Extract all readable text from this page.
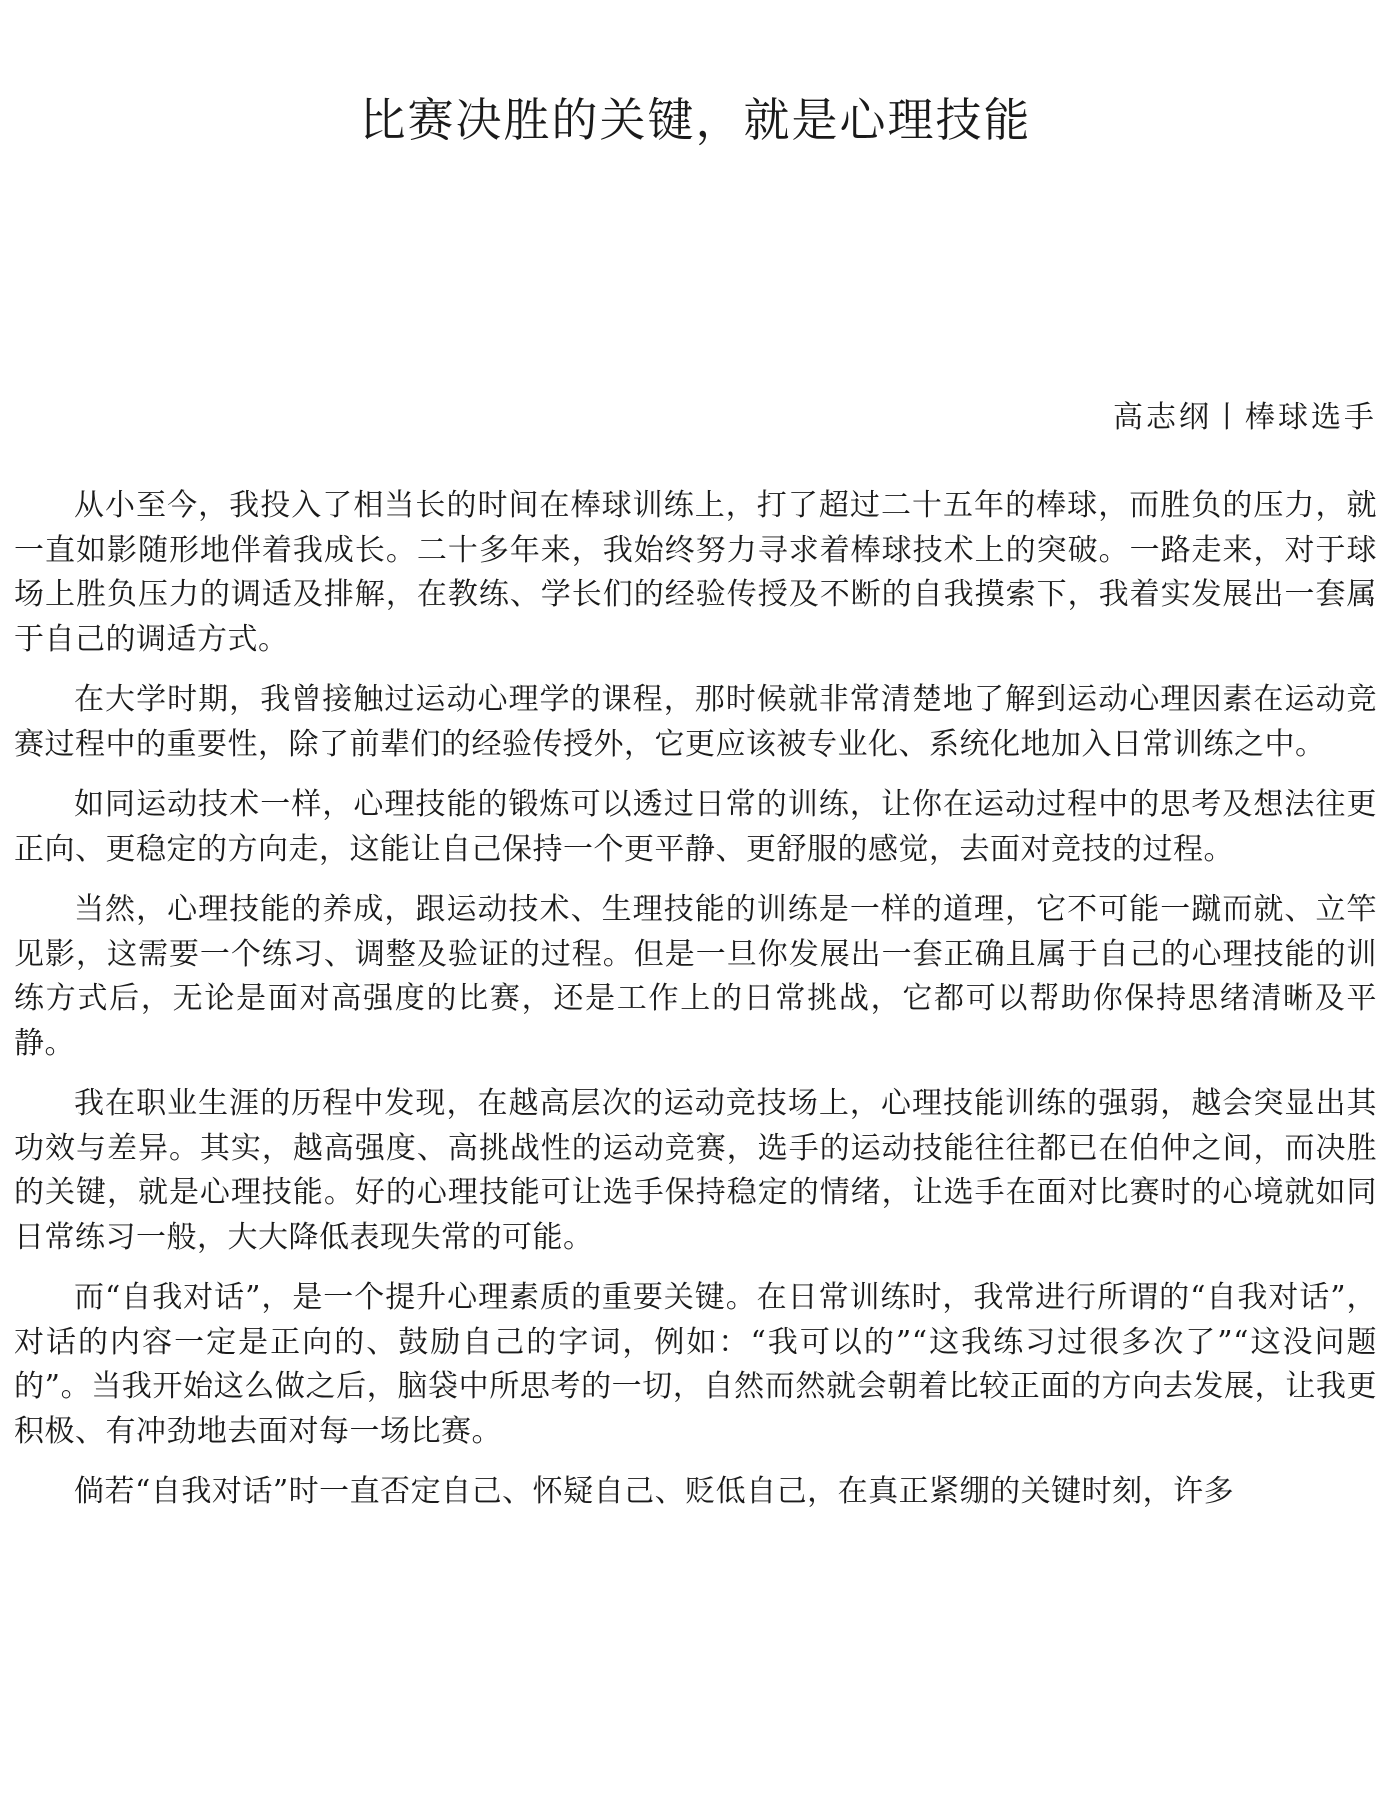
比赛决胜的关键，就是心理技能
高志纲丨棒球选手

从小至今，我投入了相当长的时间在棒球训练上，打了超过二十五年的棒球，而胜负的压力，就一直如影随形地伴着我成长。二十多年来，我始终努力寻求着棒球技术上的突破。一路走来，对于球场上胜负压力的调适及排解，在教练、学长们的经验传授及不断的自我摸索下，我着实发展出一套属于自己的调适方式。

在大学时期，我曾接触过运动心理学的课程，那时候就非常清楚地了解到运动心理因素在运动竞赛过程中的重要性，除了前辈们的经验传授外，它更应该被专业化、系统化地加入日常训练之中。

如同运动技术一样，心理技能的锻炼可以透过日常的训练，让你在运动过程中的思考及想法往更正向、更稳定的方向走，这能让自己保持一个更平静、更舒服的感觉，去面对竞技的过程。

当然，心理技能的养成，跟运动技术、生理技能的训练是一样的道理，它不可能一蹴而就、立竿见影，这需要一个练习、调整及验证的过程。但是一旦你发展出一套正确且属于自己的心理技能的训练方式后，无论是面对高强度的比赛，还是工作上的日常挑战，它都可以帮助你保持思绪清晰及平静。

我在职业生涯的历程中发现，在越高层次的运动竞技场上，心理技能训练的强弱，越会突显出其功效与差异。其实，越高强度、高挑战性的运动竞赛，选手的运动技能往往都已在伯仲之间，而决胜的关键，就是心理技能。好的心理技能可让选手保持稳定的情绪，让选手在面对比赛时的心境就如同日常练习一般，大大降低表现失常的可能。

而“自我对话”，是一个提升心理素质的重要关键。在日常训练时，我常进行所谓的“自我对话”，对话的内容一定是正向的、鼓励自己的字词，例如：“我可以的”“这我练习过很多次了”“这没问题的”。当我开始这么做之后，脑袋中所思考的一切，自然而然就会朝着比较正面的方向去发展，让我更积极、有冲劲地去面对每一场比赛。

倘若“自我对话”时一直否定自己、怀疑自己、贬低自己，在真正紧绷的关键时刻，许多
